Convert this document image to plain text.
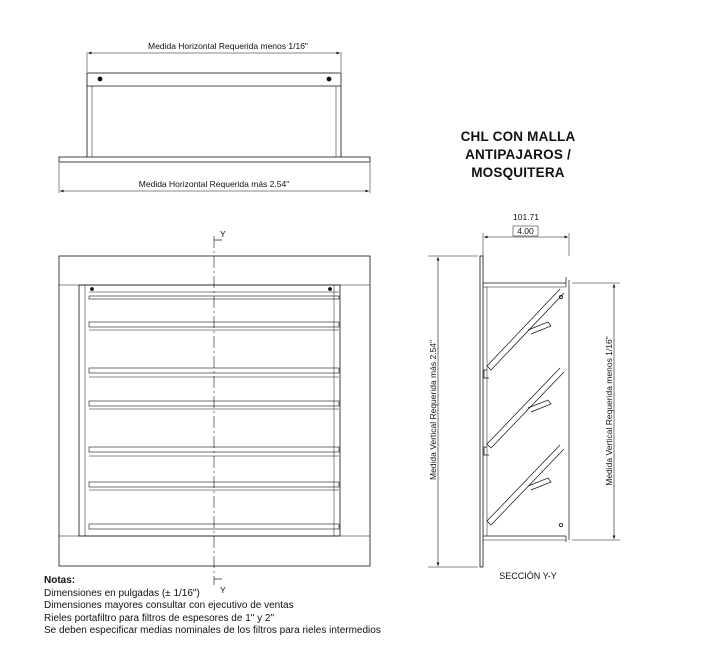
Medida Horizontal Requerida menos 1/16"
Medida Horizontal Requerida más 2.54"
Y
Y
101.71
4.00
Medida Vertical Requerida más 2.54"	Medida Vertical Requerida menos 1/16"
CHL CON MALLA
ANTIPAJAROS / MOSQUITERA
SECCIÓN Y-Y
Notas:
Dimensiones en pulgadas (± 1/16")
Dimensiones mayores consultar con ejecutivo de ventas
Rieles portafiltro para filtros de espesores de 1" y 2"
Se deben especificar medias nominales de los filtros para rieles intermedios
